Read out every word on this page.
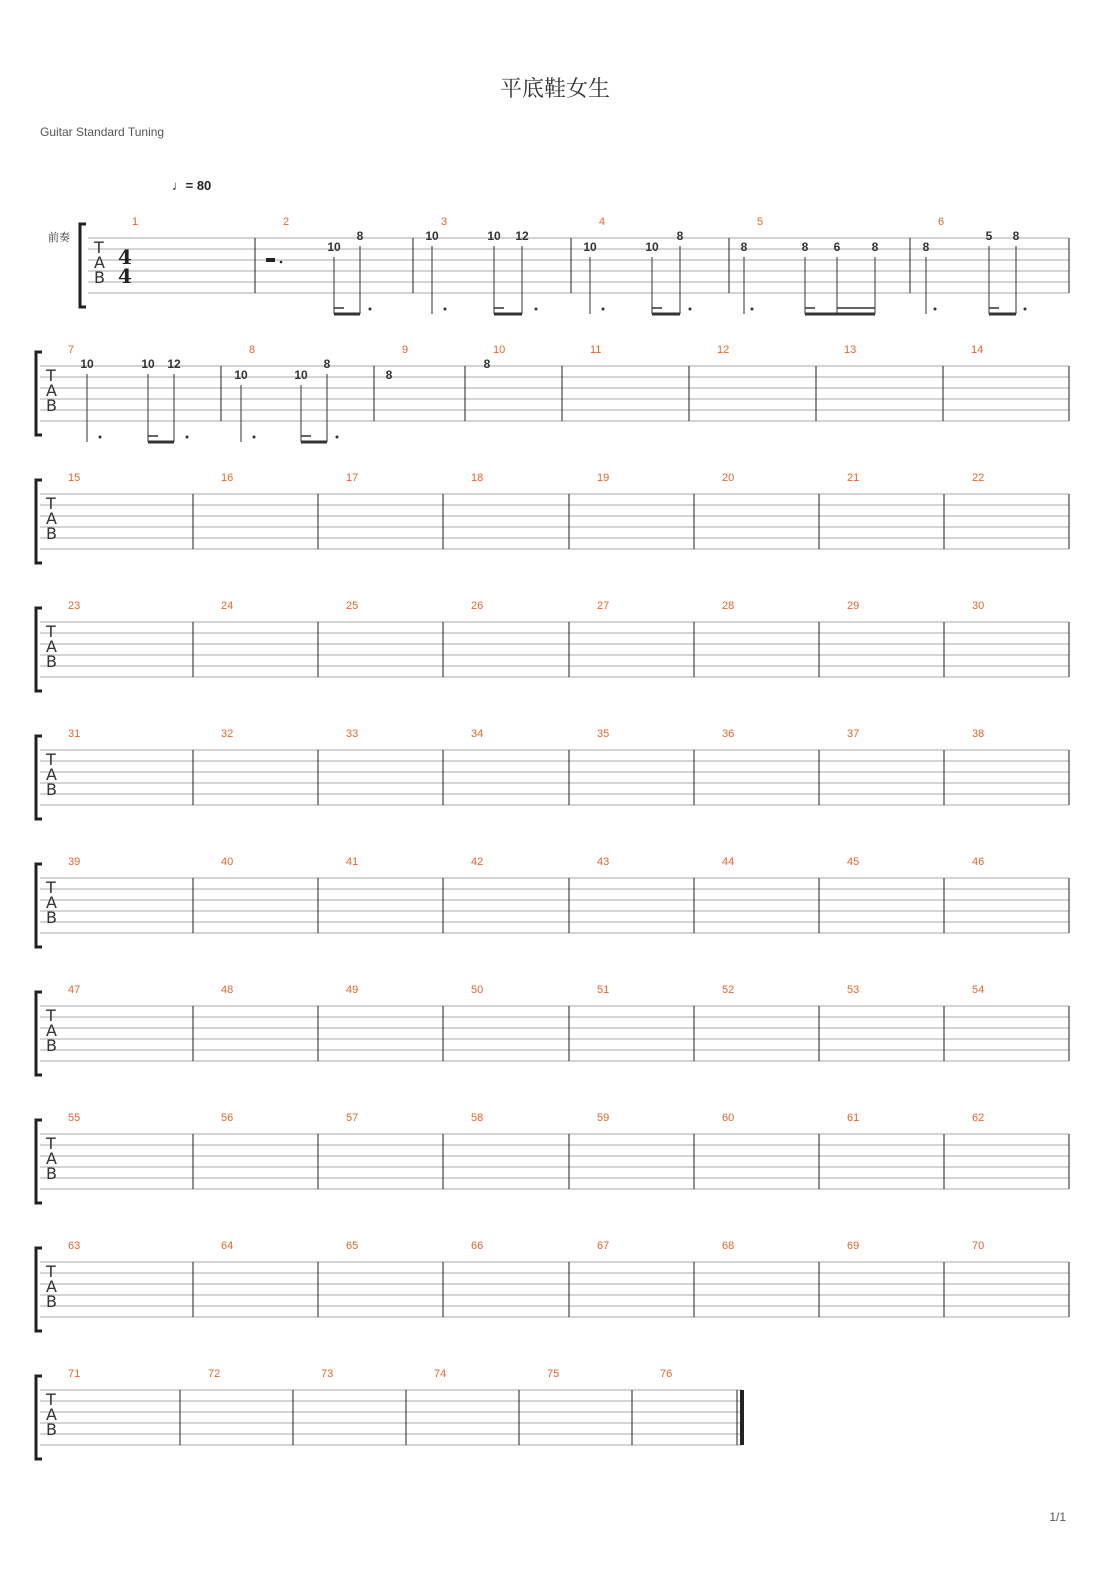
平底鞋女生
Guitar Standard Tuning
♩ = 80
1/1
T
A
B
1	2	3	4	5	6
4
4
前奏
T
A
B
7	8	9	10	11	12	13	14
T
A
B
15	16	17	18	19	20	21	22
T
A
B
23	24	25	26	27	28	29	30
T
A
B
31	32	33	34	35	36	37	38
T
A
B
39	40	41	42	43	44	45	46
T
A
B
47	48	49	50	51	52	53	54
T
A
B
55	56	57	58	59	60	61	62
T
A
B
63	64	65	66	67	68	69	70
T
A
B
71	72	73	74	75	76
10
8	10	10 12
10	10
8
8	8 6	8	8
5 8
10	10 12
10	10
8
8
8
